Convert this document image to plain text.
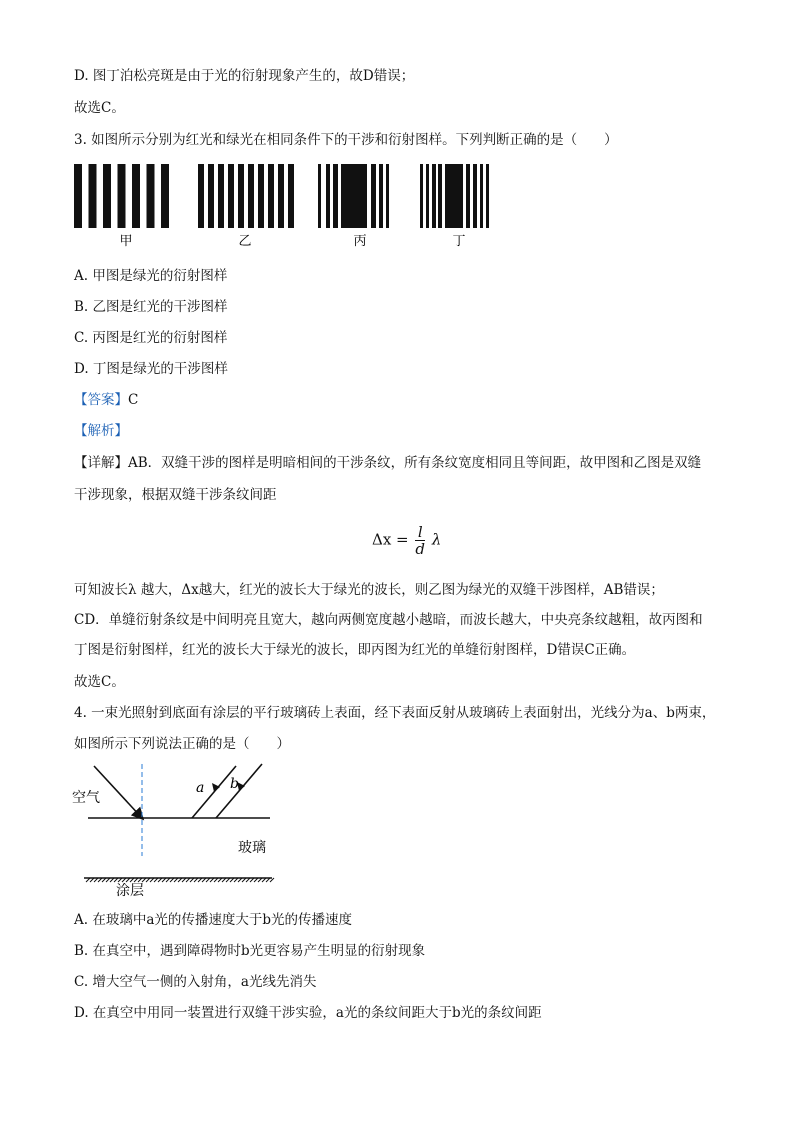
D. 图丁泊松亮斑是由于光的衍射现象产生的，故D错误；
故选C。
3. 如图所示分别为红光和绿光在相同条件下的干涉和衍射图样。下列判断正确的是（　　）
甲	乙	丙	丁
A. 甲图是绿光的衍射图样
B. 乙图是红光的干涉图样
C. 丙图是红光的衍射图样
D. 丁图是绿光的干涉图样
【答案】C
【解析】
【详解】AB．双缝干涉的图样是明暗相间的干涉条纹，所有条纹宽度相同且等间距，故甲图和乙图是双缝
干涉现象，根据双缝干涉条纹间距
$\Delta x = \frac{l}{d}$ λ
可知波长λ 越大，Δx越大，红光的波长大于绿光的波长，则乙图为绿光的双缝干涉图样，AB错误；
CD．单缝衍射条纹是中间明亮且宽大，越向两侧宽度越小越暗，而波长越大，中央亮条纹越粗，故丙图和
丁图是衍射图样，红光的波长大于绿光的波长，即丙图为红光的单缝衍射图样，D错误C正确。
故选C。
4. 一束光照射到底面有涂层的平行玻璃砖上表面，经下表面反射从玻璃砖上表面射出，光线分为a、b两束，
如图所示下列说法正确的是（　　）
a b
空气
玻璃
涂层
A. 在玻璃中a光的传播速度大于b光的传播速度
B. 在真空中，遇到障碍物时b光更容易产生明显的衍射现象
C. 增大空气一侧的入射角，a光线先消失
D. 在真空中用同一装置进行双缝干涉实验，a光的条纹间距大于b光的条纹间距
